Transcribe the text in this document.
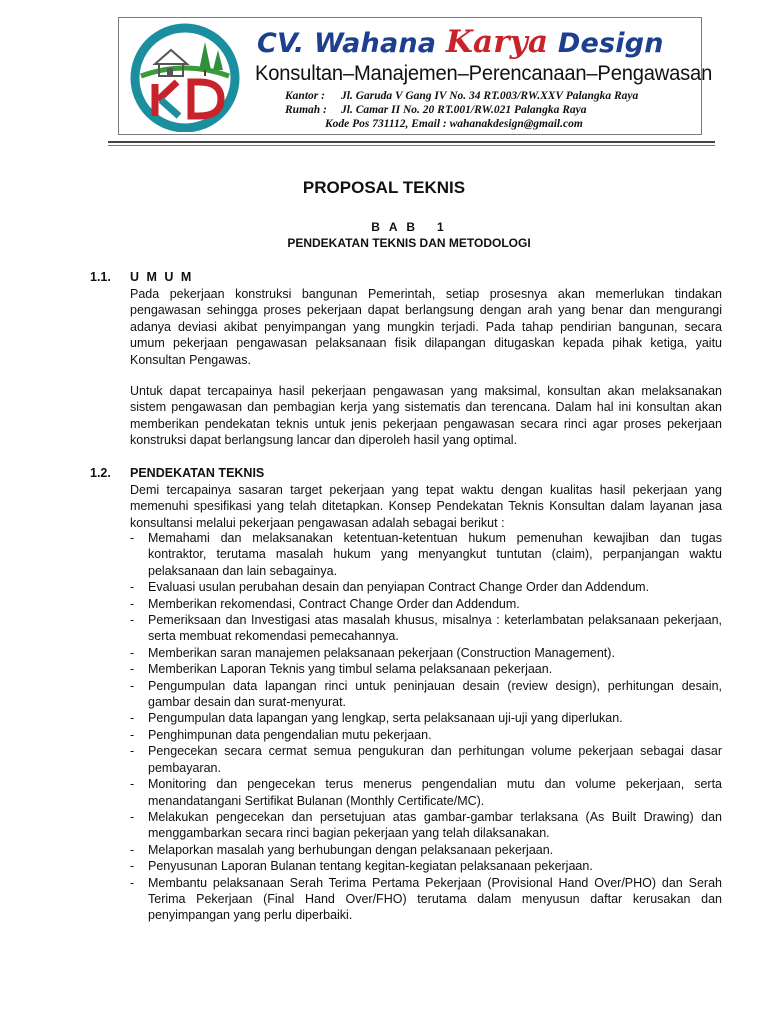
CV. Wahana Karya Design
Konsultan–Manajemen–Perencanaan–Pengawasan
Kantor : Jl. Garuda V Gang IV No. 34 RT.003/RW.XXV Palangka Raya
Rumah : Jl. Camar II No. 20 RT.001/RW.021 Palangka Raya
Kode Pos 731112, Email : wahanakdesign@gmail.com
PROPOSAL TEKNIS
B A B   1
PENDEKATAN TEKNIS DAN METODOLOGI
1.1. U M U M

Pada pekerjaan konstruksi bangunan Pemerintah, setiap prosesnya akan memerlukan tindakan pengawasan sehingga proses pekerjaan dapat berlangsung dengan arah yang benar dan mengurangi adanya deviasi akibat penyimpangan yang mungkin terjadi. Pada tahap pendirian bangunan, secara umum pekerjaan pengawasan pelaksanaan fisik dilapangan ditugaskan kepada pihak ketiga, yaitu Konsultan Pengawas.

Untuk dapat tercapainya hasil pekerjaan pengawasan yang maksimal, konsultan akan melaksanakan sistem pengawasan dan pembagian kerja yang sistematis dan terencana. Dalam hal ini konsultan akan memberikan pendekatan teknis untuk jenis pekerjaan pengawasan secara rinci agar proses pekerjaan konstruksi dapat berlangsung lancar dan diperoleh hasil yang optimal.

1.2. PENDEKATAN TEKNIS

Demi tercapainya sasaran target pekerjaan yang tepat waktu dengan kualitas hasil pekerjaan yang memenuhi spesifikasi yang telah ditetapkan. Konsep Pendekatan Teknis Konsultan dalam layanan jasa konsultansi melalui pekerjaan pengawasan adalah sebagai berikut :

- Memahami dan melaksanakan ketentuan-ketentuan hukum pemenuhan kewajiban dan tugas kontraktor, terutama masalah hukum yang menyangkut tuntutan (claim), perpanjangan waktu pelaksanaan dan lain sebagainya.
- Evaluasi usulan perubahan desain dan penyiapan Contract Change Order dan Addendum.
- Memberikan rekomendasi, Contract Change Order dan Addendum.
- Pemeriksaan dan Investigasi atas masalah khusus, misalnya : keterlambatan pelaksanaan pekerjaan, serta membuat rekomendasi pemecahannya.
- Memberikan saran manajemen pelaksanaan pekerjaan (Construction Management).
- Memberikan Laporan Teknis yang timbul selama pelaksanaan pekerjaan.
- Pengumpulan data lapangan rinci untuk peninjauan desain (review design), perhitungan desain, gambar desain dan surat-menyurat.
- Pengumpulan data lapangan yang lengkap, serta pelaksanaan uji-uji yang diperlukan.
- Penghimpunan data pengendalian mutu pekerjaan.
- Pengecekan secara cermat semua pengukuran dan perhitungan volume pekerjaan sebagai dasar pembayaran.
- Monitoring dan pengecekan terus menerus pengendalian mutu dan volume pekerjaan, serta menandatangani Sertifikat Bulanan (Monthly Certificate/MC).
- Melakukan pengecekan dan persetujuan atas gambar-gambar terlaksana (As Built Drawing) dan menggambarkan secara rinci bagian pekerjaan yang telah dilaksanakan.
- Melaporkan masalah yang berhubungan dengan pelaksanaan pekerjaan.
- Penyusunan Laporan Bulanan tentang kegitan-kegiatan pelaksanaan pekerjaan.
- Membantu pelaksanaan Serah Terima Pertama Pekerjaan (Provisional Hand Over/PHO) dan Serah Terima Pekerjaan (Final Hand Over/FHO) terutama dalam menyusun daftar kerusakan dan penyimpangan yang perlu diperbaiki.
